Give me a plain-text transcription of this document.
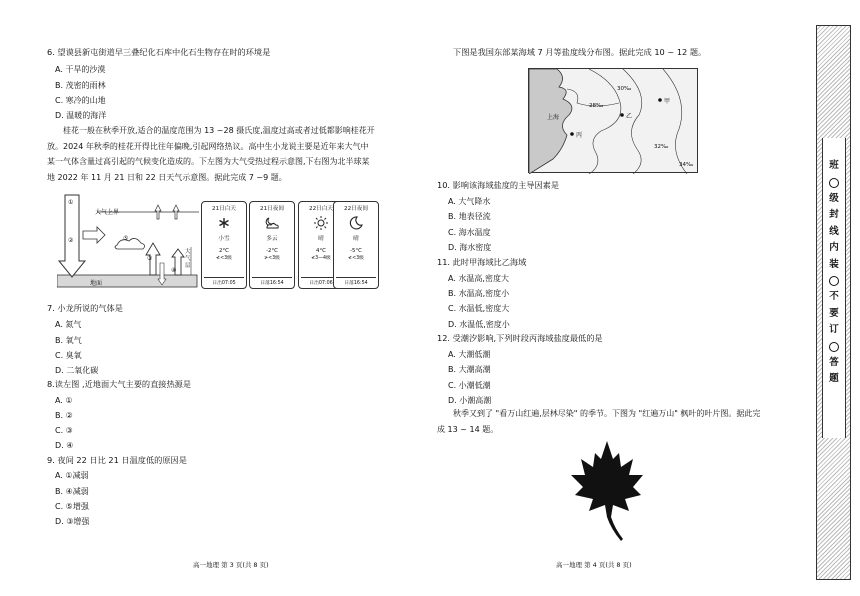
6. 望谟县新屯街道早三叠纪化石库中化石生物存在时的环境是
A. 干旱的沙漠
B. 茂密的雨林
C. 寒冷的山地
D. 温暖的海洋
桂花一般在秋季开放,适合的温度范围为 13 ~28 摄氏度,温度过高或者过低都影响桂花开
放。2024 年秋季的桂花开得比往年偏晚,引起网络热议。高中生小龙说主要是近年来大气中
某一气体含量过高引起的气候变化造成的。下左图为大气受热过程示意图,下右图为北半球某
地 2022 年 11 月 21 日和 22 日天气示意图。据此完成 7 ~9 题。
大气上界
地面
大气层
①
②
③
④
⑤
21日白天
小雪
2°C
≮<3级
日出07:05
21日夜间
多云
-2°C
≯<3级
日落16:54
22日白天
晴
4°C
≮3—4级
日出07:06
22日夜间
晴
-5°C
≮<3级
日落16:54
7. 小龙所说的气体是
A. 氮气
B. 氧气
C. 臭氧
D. 二氧化碳
8.读左图 ,近地面大气主要的直接热源是
A. ①
B. ②
C. ③
D. ④
9. 夜间 22 日比 21 日温度低的原因是
A. ①减弱
B. ④减弱
C. ⑤增强
D. ③增强
高一地理 第 3 页(共 8 页)
下图是我国东部某海域 7 月等盐度线分布图。据此完成 10 ~ 12 题。
上海
丙
乙
甲
30‰
28‰
32‰
34‰
10. 影响该海域盐度的主导因素是
A. 大气降水
B. 地表径流
C. 海水温度
D. 海水密度
11. 此时甲海域比乙海域
A. 水温高,密度大
B. 水温高,密度小
C. 水温低,密度大
D. 水温低,密度小
12. 受潮汐影响,下列时段丙海域盐度最低的是
A. 大潮低潮
B. 大潮高潮
C. 小潮低潮
D. 小潮高潮
秋季又到了 "看万山红遍,层林尽染" 的季节。下图为 "红遍万山" 枫叶的叶片图。据此完
成 13 ~ 14 题。
高一地理 第 4 页(共 8 页)
班
级
封
线
内
装
不
要
订
答
题
